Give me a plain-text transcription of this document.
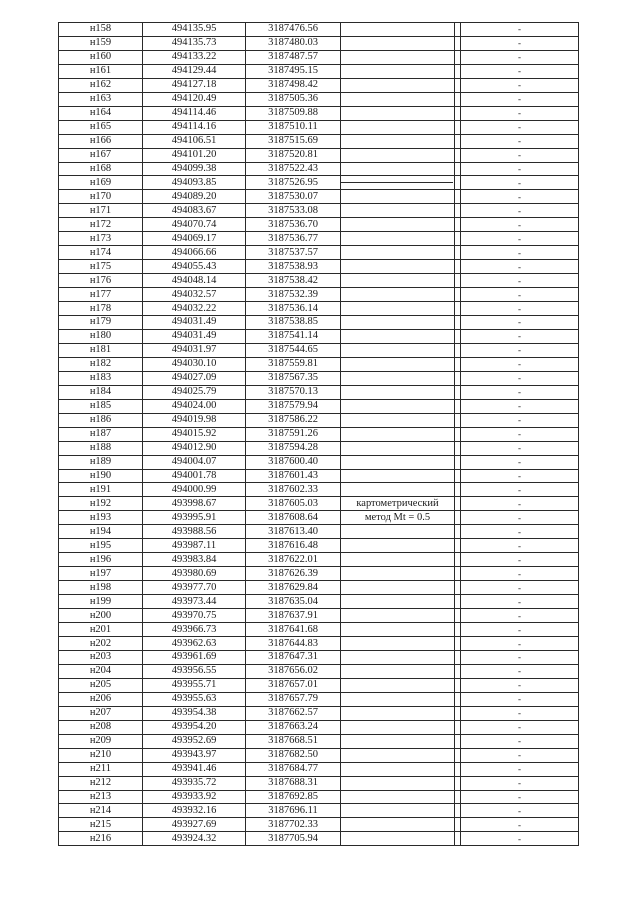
н158	494135.95	3187476.56			-
н159	494135.73	3187480.03			-
н160	494133.22	3187487.57			-
н161	494129.44	3187495.15			-
н162	494127.18	3187498.42			-
н163	494120.49	3187505.36			-
н164	494114.46	3187509.88			-
н165	494114.16	3187510.11			-
н166	494106.51	3187515.69			-
н167	494101.20	3187520.81			-
н168	494099.38	3187522.43			-
н169	494093.85	3187526.95			-
н170	494089.20	3187530.07			-
н171	494083.67	3187533.08			-
н172	494070.74	3187536.70			-
н173	494069.17	3187536.77			-
н174	494066.66	3187537.57			-
н175	494055.43	3187538.93			-
н176	494048.14	3187538.42			-
н177	494032.57	3187532.39			-
н178	494032.22	3187536.14			-
н179	494031.49	3187538.85			-
н180	494031.49	3187541.14			-
н181	494031.97	3187544.65			-
н182	494030.10	3187559.81			-
н183	494027.09	3187567.35			-
н184	494025.79	3187570.13			-
н185	494024.00	3187579.94			-
н186	494019.98	3187586.22			-
н187	494015.92	3187591.26			-
н188	494012.90	3187594.28			-
н189	494004.07	3187600.40			-
н190	494001.78	3187601.43			-
н191	494000.99	3187602.33			-
н192	493998.67	3187605.03	картометрический		-
н193	493995.91	3187608.64	метод Mt = 0.5		-
н194	493988.56	3187613.40			-
н195	493987.11	3187616.48			-
н196	493983.84	3187622.01			-
н197	493980.69	3187626.39			-
н198	493977.70	3187629.84			-
н199	493973.44	3187635.04			-
н200	493970.75	3187637.91			-
н201	493966.73	3187641.68			-
н202	493962.63	3187644.83			-
н203	493961.69	3187647.31			-
н204	493956.55	3187656.02			-
н205	493955.71	3187657.01			-
н206	493955.63	3187657.79			-
н207	493954.38	3187662.57			-
н208	493954.20	3187663.24			-
н209	493952.69	3187668.51			-
н210	493943.97	3187682.50			-
н211	493941.46	3187684.77			-
н212	493935.72	3187688.31			-
н213	493933.92	3187692.85			-
н214	493932.16	3187696.11			-
н215	493927.69	3187702.33			-
н216	493924.32	3187705.94			-
